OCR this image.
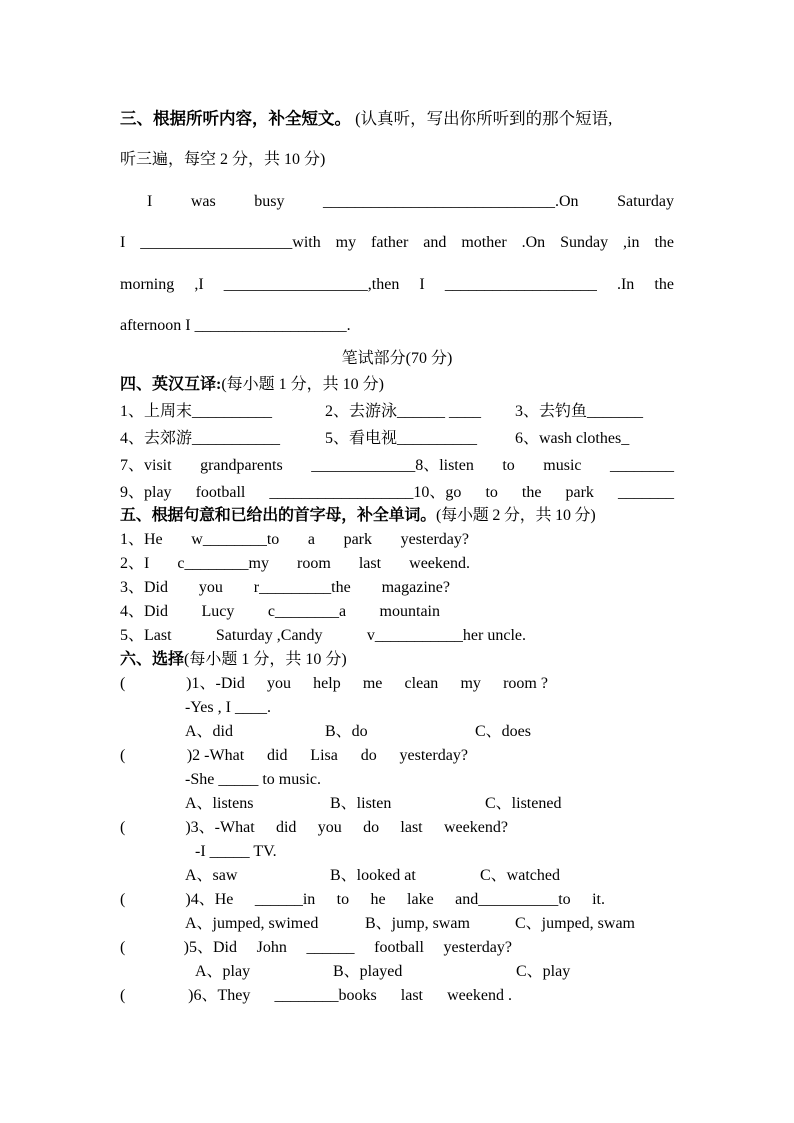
三、根据所听内容，补全短文。 (认真听，写出你所听到的那个短语,
听三遍，每空 2 分，共 10 分)
I was busy _____________________________.On Saturday
I ___________________with my father and mother .On Sunday ,in the
morning ,I __________________,then I ___________________ .In the
afternoon I ___________________.
笔试部分(70 分)
四、英汉互译:(每小题 1 分，共 10 分)
1、上周末__________	2、去游泳______ ____	3、去钓鱼_______
4、去郊游___________	5、看电视__________	6、wash clothes_
7、visit grandparents _____________8、listen to music ________
9、play football __________________10、go to the park _______
五、根据句意和已给出的首字母，补全单词。(每小题 2 分，共 10 分)
1、He w________to a park yesterday?
2、I c________my room last weekend.
3、Did you r_________the magazine?
4、Did Lucy c________a mountain
5、Last	Saturday ,Candy	v___________her uncle.
六、选择(每小题 1 分，共 10 分)
(	)1、-Did you help me clean my room ?
-Yes , I ____.
A、did	B、do	C、does
(	)2 -What did Lisa do yesterday?
-She _____ to music.
A、listens	B、listen	C、listened
(	)3、-What did you do last weekend?
-I _____ TV.
A、saw	B、looked at	C、watched
(	)4、He ______in to he lake and__________to it.
A、jumped, swimed	B、jump, swam	C、jumped, swam
(	)5、Did John ______ football yesterday?
A、play	B、played	C、play
(	)6、They ________books last weekend .
